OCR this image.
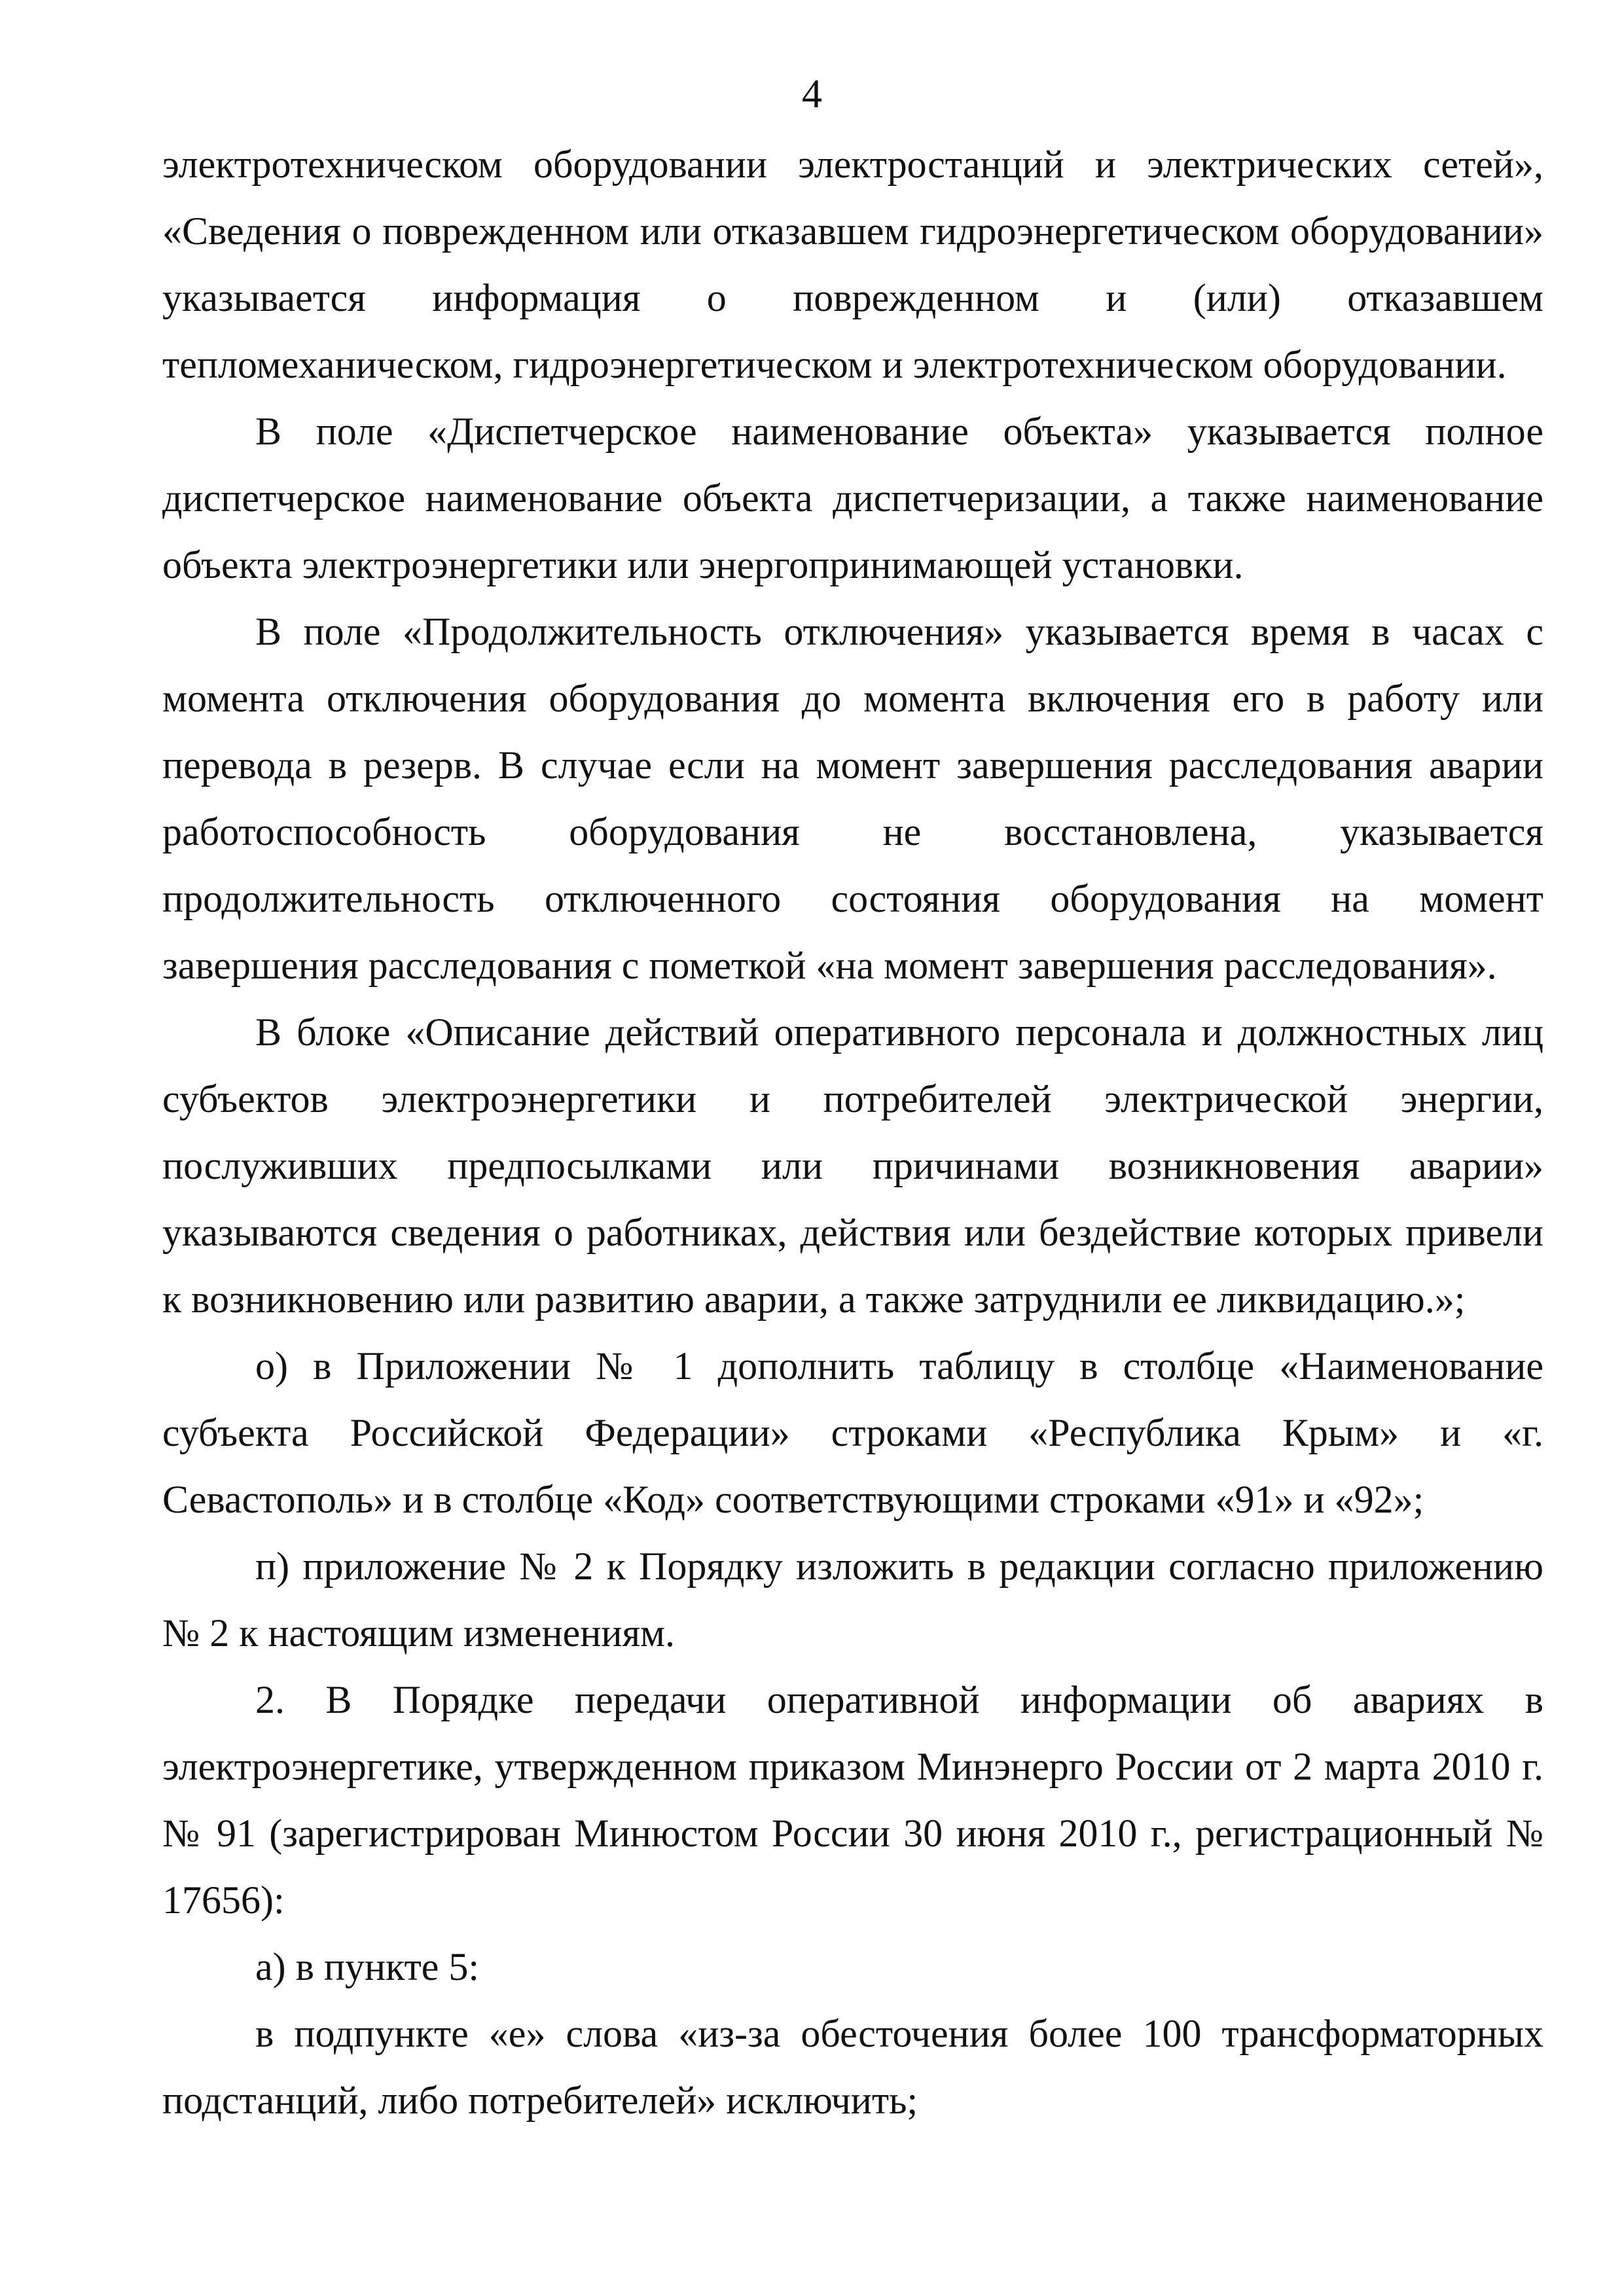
4

электротехническом оборудовании электростанций и электрических сетей», «Сведения о поврежденном или отказавшем гидроэнергетическом оборудовании» указывается информация о поврежденном и (или) отказавшем тепломеханическом, гидроэнергетическом и электротехническом оборудовании.

В поле «Диспетчерское наименование объекта» указывается полное диспетчерское наименование объекта диспетчеризации, а также наименование объекта электроэнергетики или энергопринимающей установки.

В поле «Продолжительность отключения» указывается время в часах с момента отключения оборудования до момента включения его в работу или перевода в резерв. В случае если на момент завершения расследования аварии работоспособность оборудования не восстановлена, указывается продолжительность отключенного состояния оборудования на момент завершения расследования с пометкой «на момент завершения расследования».

В блоке «Описание действий оперативного персонала и должностных лиц субъектов электроэнергетики и потребителей электрической энергии, послуживших предпосылками или причинами возникновения аварии» указываются сведения о работниках, действия или бездействие которых привели к возникновению или развитию аварии, а также затруднили ее ликвидацию.»;

о) в Приложении № 1 дополнить таблицу в столбце «Наименование субъекта Российской Федерации» строками «Республика Крым» и «г. Севастополь» и в столбце «Код» соответствующими строками «91» и «92»;

п) приложение № 2 к Порядку изложить в редакции согласно приложению № 2 к настоящим изменениям.

2. В Порядке передачи оперативной информации об авариях в электроэнергетике, утвержденном приказом Минэнерго России от 2 марта 2010 г. № 91 (зарегистрирован Минюстом России 30 июня 2010 г., регистрационный № 17656):

а) в пункте 5:

в подпункте «е» слова «из-за обесточения более 100 трансформаторных подстанций, либо потребителей» исключить;
